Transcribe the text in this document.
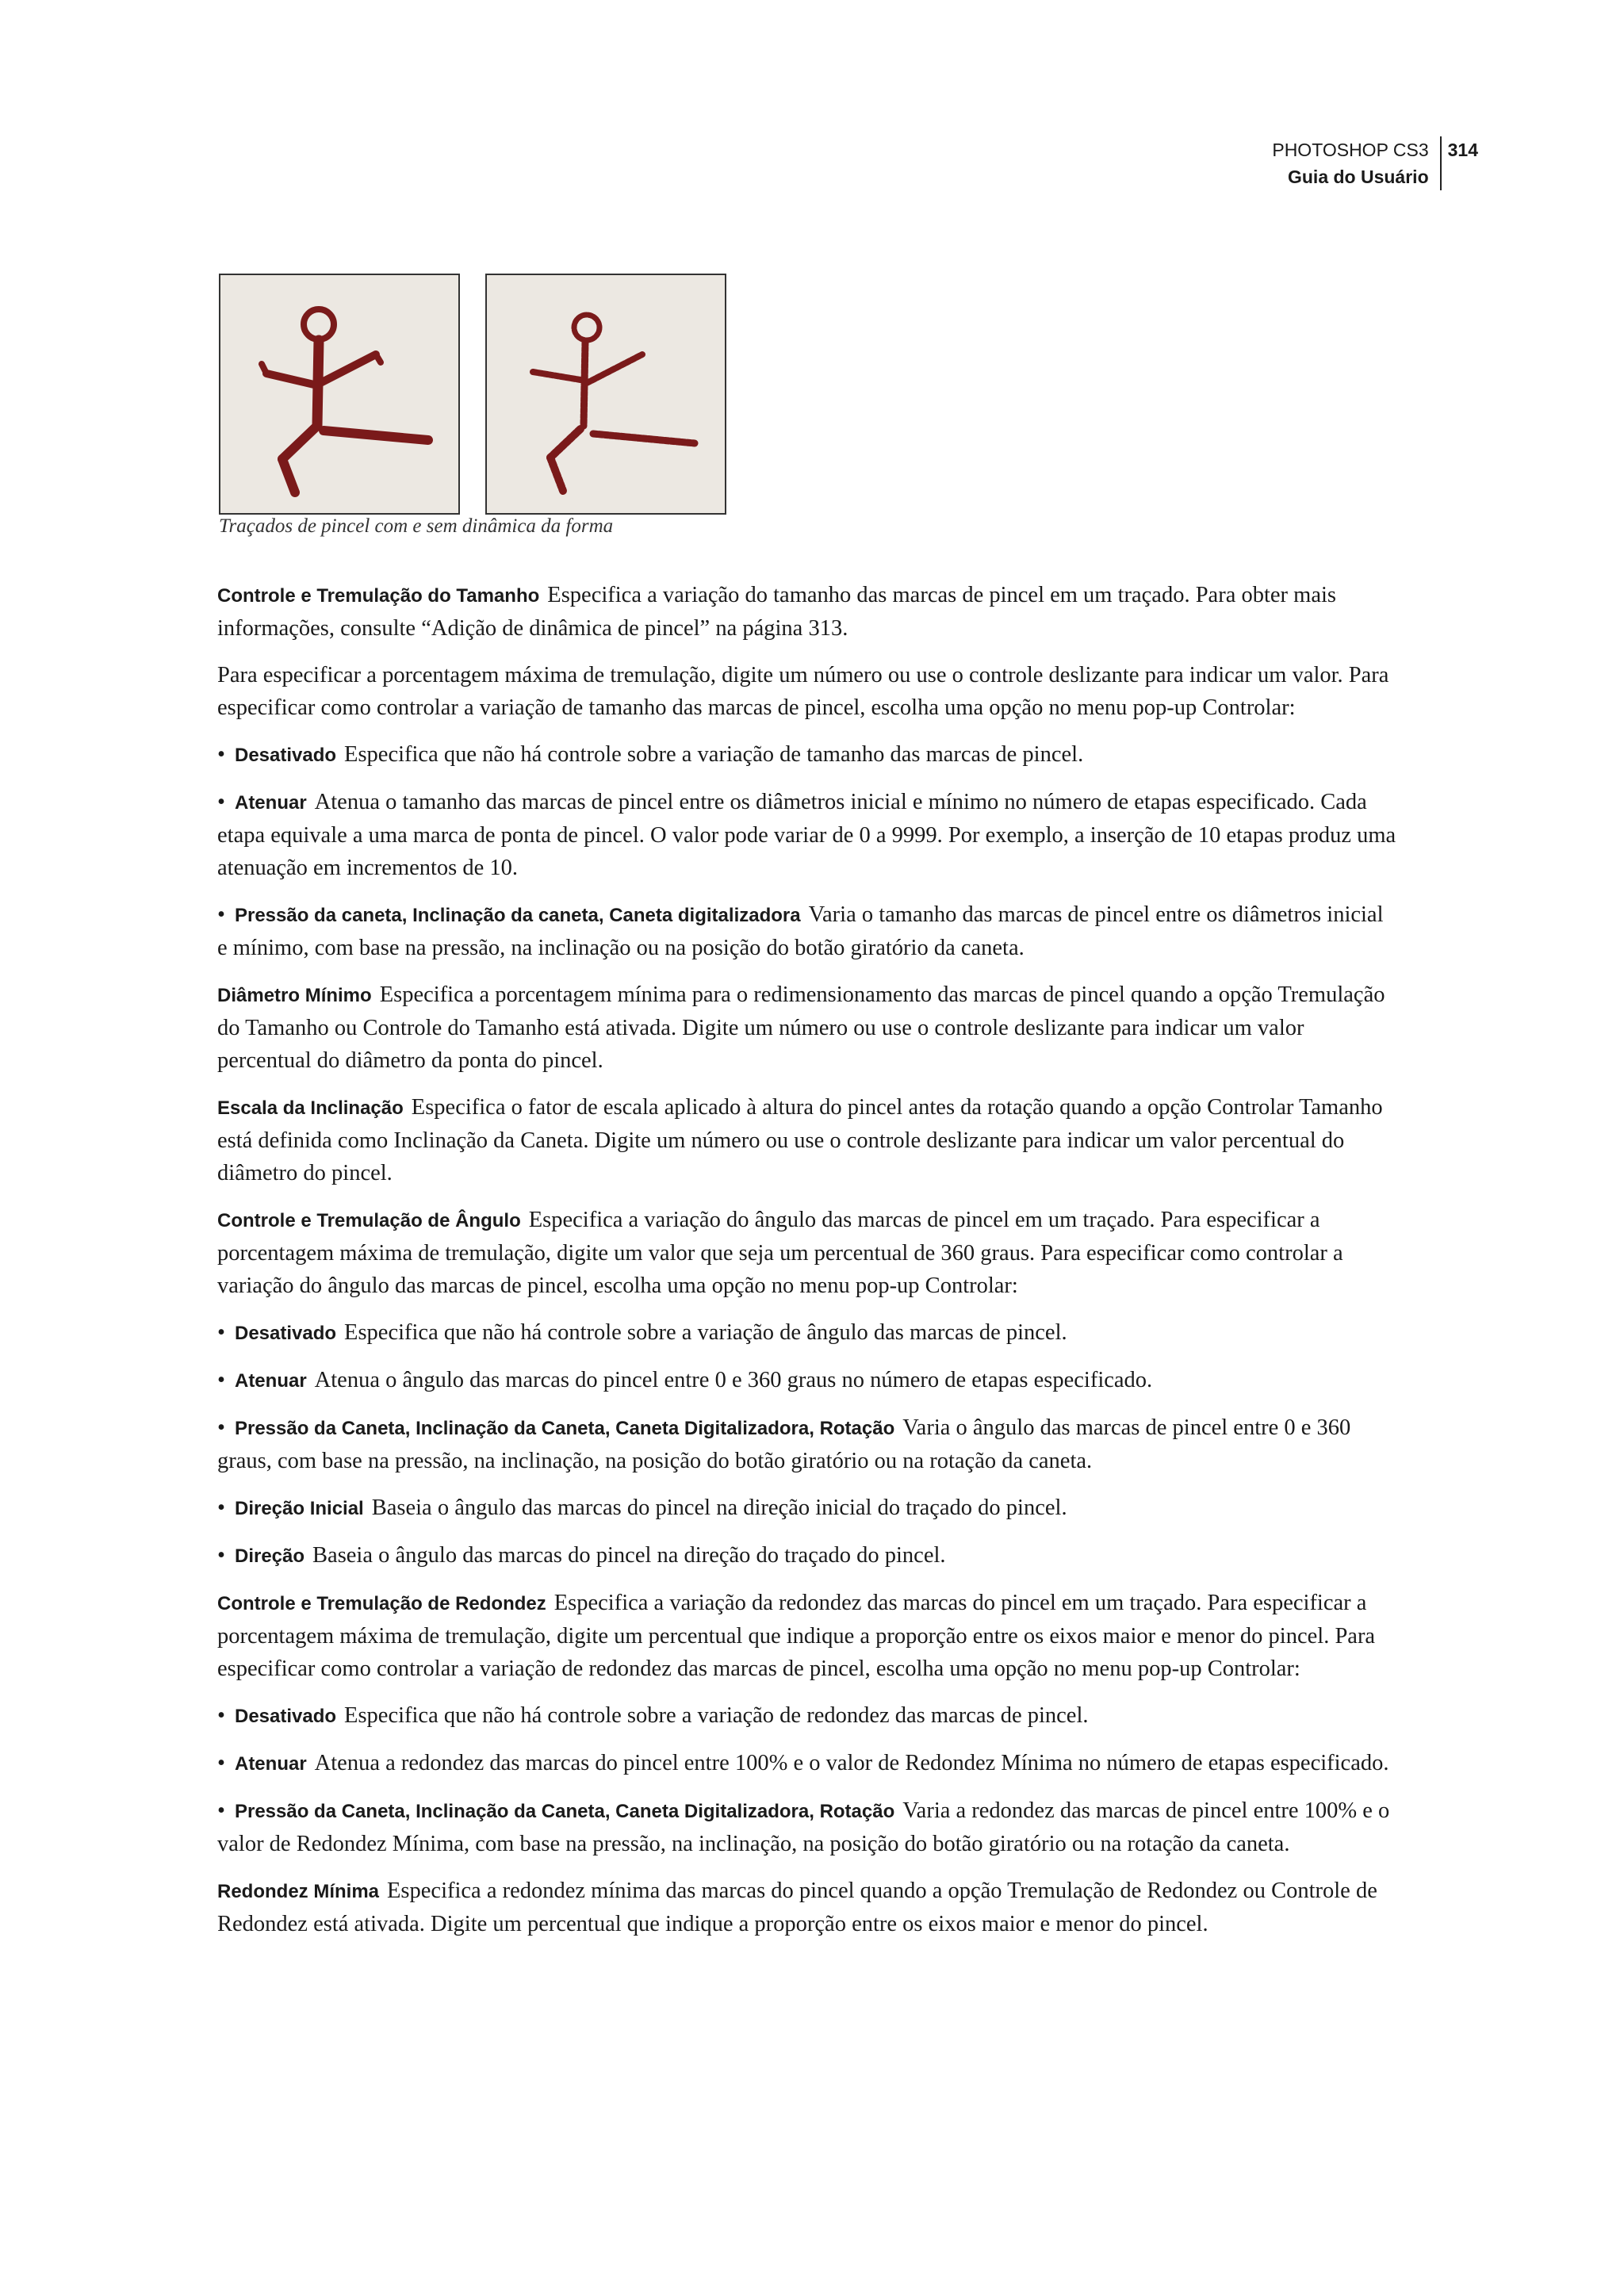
PHOTOSHOP CS3
Guia do Usuário314
Traçados de pincel com e sem dinâmica da forma

Controle e Tremulação do Tamanho Especifica a variação do tamanho das marcas de pincel em um traçado. Para obter mais informações, consulte “Adição de dinâmica de pincel” na página 313.

Para especificar a porcentagem máxima de tremulação, digite um número ou use o controle deslizante para indicar um valor. Para especificar como controlar a variação de tamanho das marcas de pincel, escolha uma opção no menu pop-up Controlar:

• Desativado Especifica que não há controle sobre a variação de tamanho das marcas de pincel.

• Atenuar Atenua o tamanho das marcas de pincel entre os diâmetros inicial e mínimo no número de etapas especificado. Cada etapa equivale a uma marca de ponta de pincel. O valor pode variar de 0 a 9999. Por exemplo, a inserção de 10 etapas produz uma atenuação em incrementos de 10.

• Pressão da caneta, Inclinação da caneta, Caneta digitalizadora Varia o tamanho das marcas de pincel entre os diâmetros inicial e mínimo, com base na pressão, na inclinação ou na posição do botão giratório da caneta.

Diâmetro Mínimo Especifica a porcentagem mínima para o redimensionamento das marcas de pincel quando a opção Tremulação do Tamanho ou Controle do Tamanho está ativada. Digite um número ou use o controle deslizante para indicar um valor percentual do diâmetro da ponta do pincel.

Escala da Inclinação Especifica o fator de escala aplicado à altura do pincel antes da rotação quando a opção Controlar Tamanho está definida como Inclinação da Caneta. Digite um número ou use o controle deslizante para indicar um valor percentual do diâmetro do pincel.

Controle e Tremulação de Ângulo Especifica a variação do ângulo das marcas de pincel em um traçado. Para especificar a porcentagem máxima de tremulação, digite um valor que seja um percentual de 360 graus. Para especificar como controlar a variação do ângulo das marcas de pincel, escolha uma opção no menu pop-up Controlar:

• Desativado Especifica que não há controle sobre a variação de ângulo das marcas de pincel.

• Atenuar Atenua o ângulo das marcas do pincel entre 0 e 360 graus no número de etapas especificado.

• Pressão da Caneta, Inclinação da Caneta, Caneta Digitalizadora, Rotação Varia o ângulo das marcas de pincel entre 0 e 360 graus, com base na pressão, na inclinação, na posição do botão giratório ou na rotação da caneta.

• Direção Inicial Baseia o ângulo das marcas do pincel na direção inicial do traçado do pincel.

• Direção Baseia o ângulo das marcas do pincel na direção do traçado do pincel.

Controle e Tremulação de Redondez Especifica a variação da redondez das marcas do pincel em um traçado. Para especificar a porcentagem máxima de tremulação, digite um percentual que indique a proporção entre os eixos maior e menor do pincel. Para especificar como controlar a variação de redondez das marcas de pincel, escolha uma opção no menu pop-up Controlar:

• Desativado Especifica que não há controle sobre a variação de redondez das marcas de pincel.

• Atenuar Atenua a redondez das marcas do pincel entre 100% e o valor de Redondez Mínima no número de etapas especificado.

• Pressão da Caneta, Inclinação da Caneta, Caneta Digitalizadora, Rotação Varia a redondez das marcas de pincel entre 100% e o valor de Redondez Mínima, com base na pressão, na inclinação, na posição do botão giratório ou na rotação da caneta.

Redondez Mínima Especifica a redondez mínima das marcas do pincel quando a opção Tremulação de Redondez ou Controle de Redondez está ativada. Digite um percentual que indique a proporção entre os eixos maior e menor do pincel.
